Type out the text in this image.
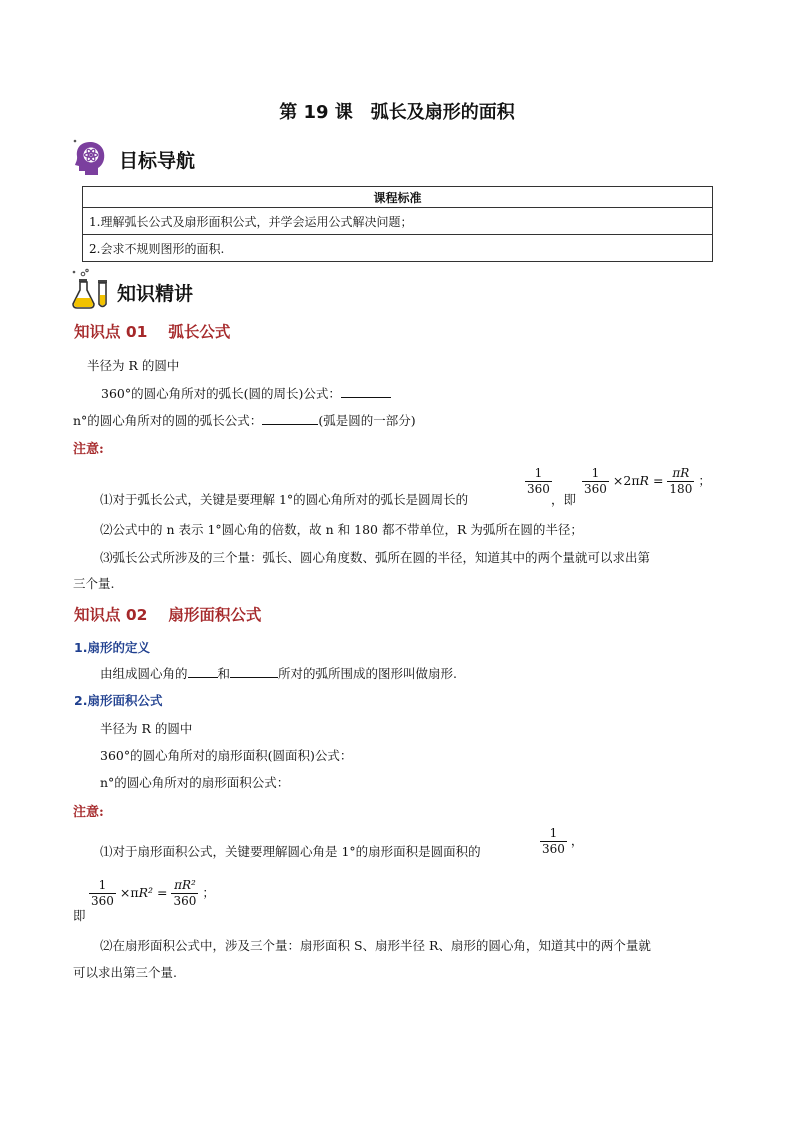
第 19 课　弧长及扇形的面积
目标导航
课程标准
1.理解弧长公式及扇形面积公式，并学会运用公式解决问题；
2.会求不规则图形的面积.
知识精讲
知识点 01　 弧长公式
半径为 R 的圆中
360°的圆心角所对的弧长(圆的周长)公式：
n°的圆心角所对的圆的弧长公式：	(弧是圆的一部分)
注意:
⑴对于弧长公式，关键是要理解 1°的圆心角所对的弧长是圆周长的
$\frac{1}{360}$
，即
$\frac{1}{360} \times 2\pi R = \frac{\pi R}{180}$ ；
⑵公式中的 n 表示 1°圆心角的倍数，故 n 和 180 都不带单位，R 为弧所在圆的半径；
⑶弧长公式所涉及的三个量：弧长、圆心角度数、弧所在圆的半径，知道其中的两个量就可以求出第
三个量.
知识点 02　 扇形面积公式
1.扇形的定义
由组成圆心角的 和	所对的弧所围成的图形叫做扇形.
2.扇形面积公式
半径为 R 的圆中
360°的圆心角所对的扇形面积(圆面积)公式：
n°的圆心角所对的扇形面积公式：
注意:
⑴对于扇形面积公式，关键要理解圆心角是 1°的扇形面积是圆面积的	$\frac{1}{360}$ ，
即
$\frac{1}{360} \times\pi R^2 = \frac{\text{πR²}}{360}$ ；
⑵在扇形面积公式中，涉及三个量：扇形面积 S、扇形半径 R、扇形的圆心角，知道其中的两个量就
可以求出第三个量.
